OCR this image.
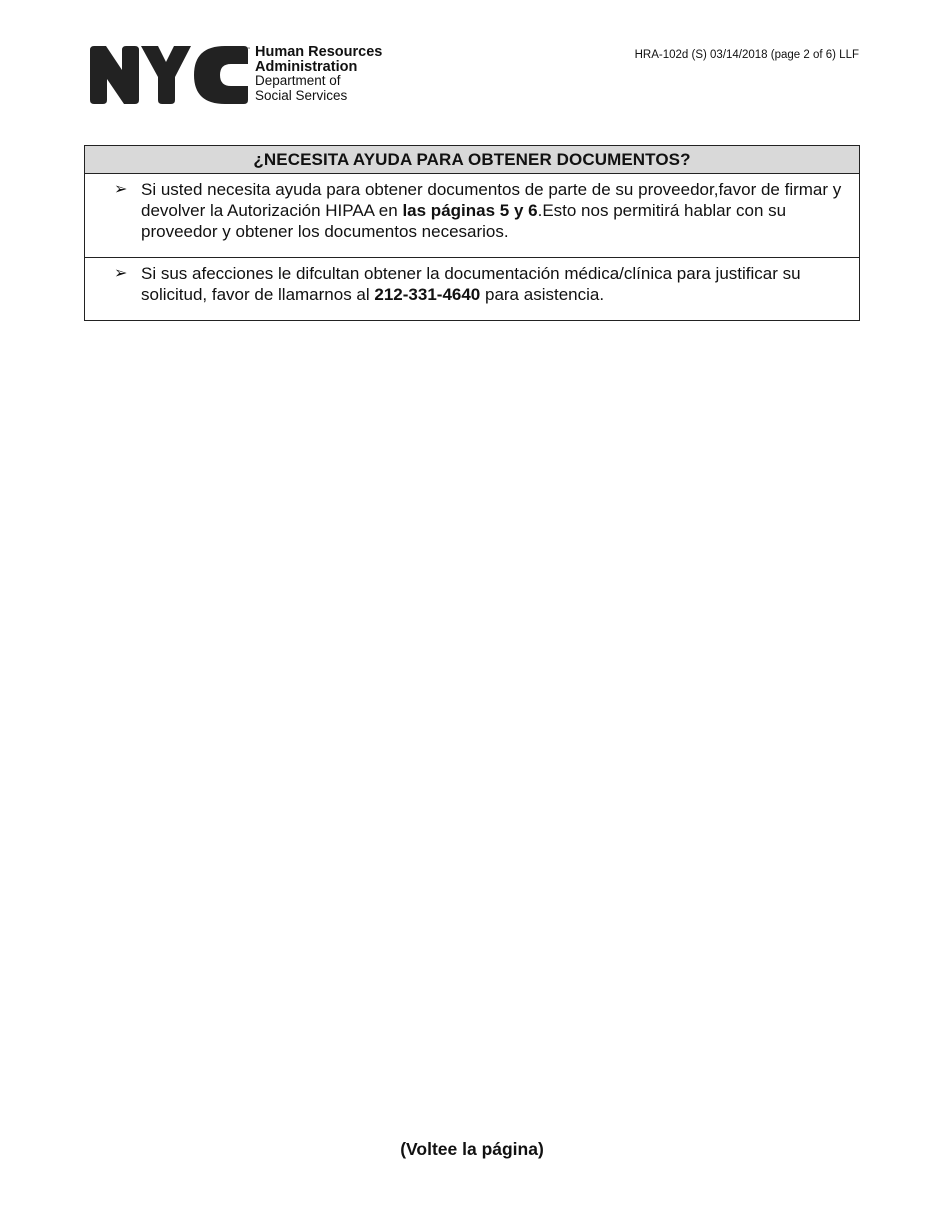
™ Human Resources
Administration
Department of
Social Services
HRA-102d (S) 03/14/2018 (page 2 of 6) LLF
¿NECESITA AYUDA PARA OBTENER DOCUMENTOS?
➢ Si usted necesita ayuda para obtener documentos de parte de su proveedor,favor de firmar y devolver la Autorización HIPAA en las páginas 5 y 6.Esto nos permitirá hablar con su proveedor y obtener los documentos necesarios.
➢ Si sus afecciones le difcultan obtener la documentación médica/clínica para justificar su solicitud, favor de llamarnos al 212-331-4640 para asistencia.
(Voltee la página)
